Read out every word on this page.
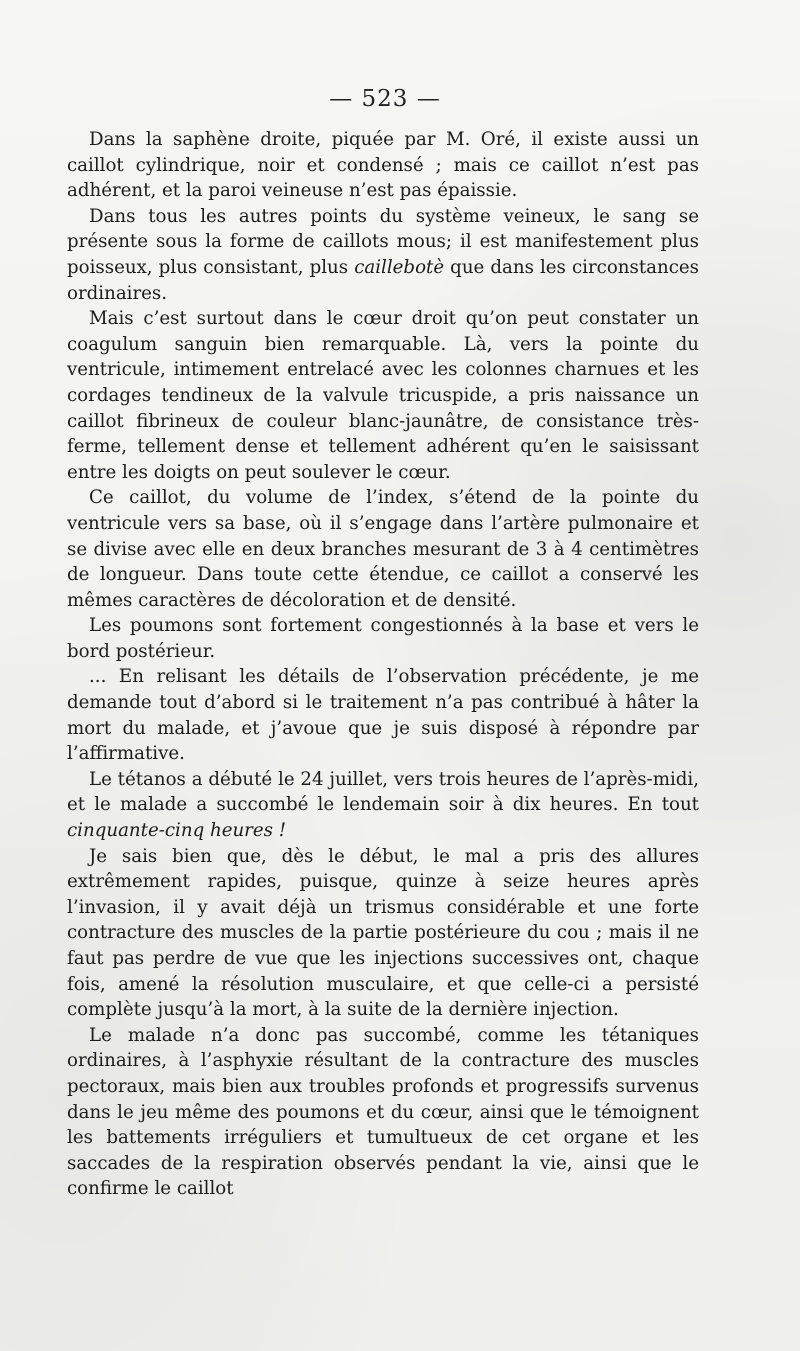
— 523 —

Dans la saphène droite, piquée par M. Oré, il existe aussi un caillot cylindrique, noir et condensé ; mais ce caillot n’est pas adhérent, et la paroi veineuse n’est pas épaissie.

Dans tous les autres points du système veineux, le sang se présente sous la forme de caillots mous; il est manifestement plus poisseux, plus consistant, plus caillebotè que dans les circonstances ordinaires.

Mais c’est surtout dans le cœur droit qu’on peut constater un coagulum sanguin bien remarquable. Là, vers la pointe du ventricule, intimement entrelacé avec les colonnes charnues et les cordages tendineux de la valvule tricuspide, a pris naissance un caillot fibrineux de couleur blanc-jaunâtre, de consistance très-ferme, tellement dense et tellement adhérent qu’en le saisissant entre les doigts on peut soulever le cœur.

Ce caillot, du volume de l’index, s’étend de la pointe du ventricule vers sa base, où il s’engage dans l’artère pulmonaire et se divise avec elle en deux branches mesurant de 3 à 4 centimètres de longueur. Dans toute cette étendue, ce caillot a conservé les mêmes caractères de décoloration et de densité.

Les poumons sont fortement congestionnés à la base et vers le bord postérieur.

... En relisant les détails de l’observation précédente, je me demande tout d’abord si le traitement n’a pas contribué à hâter la mort du malade, et j’avoue que je suis disposé à répondre par l’affirmative.

Le tétanos a débuté le 24 juillet, vers trois heures de l’après-midi, et le malade a succombé le lendemain soir à dix heures. En tout cinquante-cinq heures !

Je sais bien que, dès le début, le mal a pris des allures extrêmement rapides, puisque, quinze à seize heures après l’invasion, il y avait déjà un trismus considérable et une forte contracture des muscles de la partie postérieure du cou ; mais il ne faut pas perdre de vue que les injections successives ont, chaque fois, amené la résolution musculaire, et que celle-ci a persisté complète jusqu’à la mort, à la suite de la dernière injection.

Le malade n’a donc pas succombé, comme les tétaniques ordinaires, à l’asphyxie résultant de la contracture des muscles pectoraux, mais bien aux troubles profonds et progressifs survenus dans le jeu même des poumons et du cœur, ainsi que le témoignent les battements irréguliers et tumultueux de cet organe et les saccades de la respiration observés pendant la vie, ainsi que le confirme le caillot
